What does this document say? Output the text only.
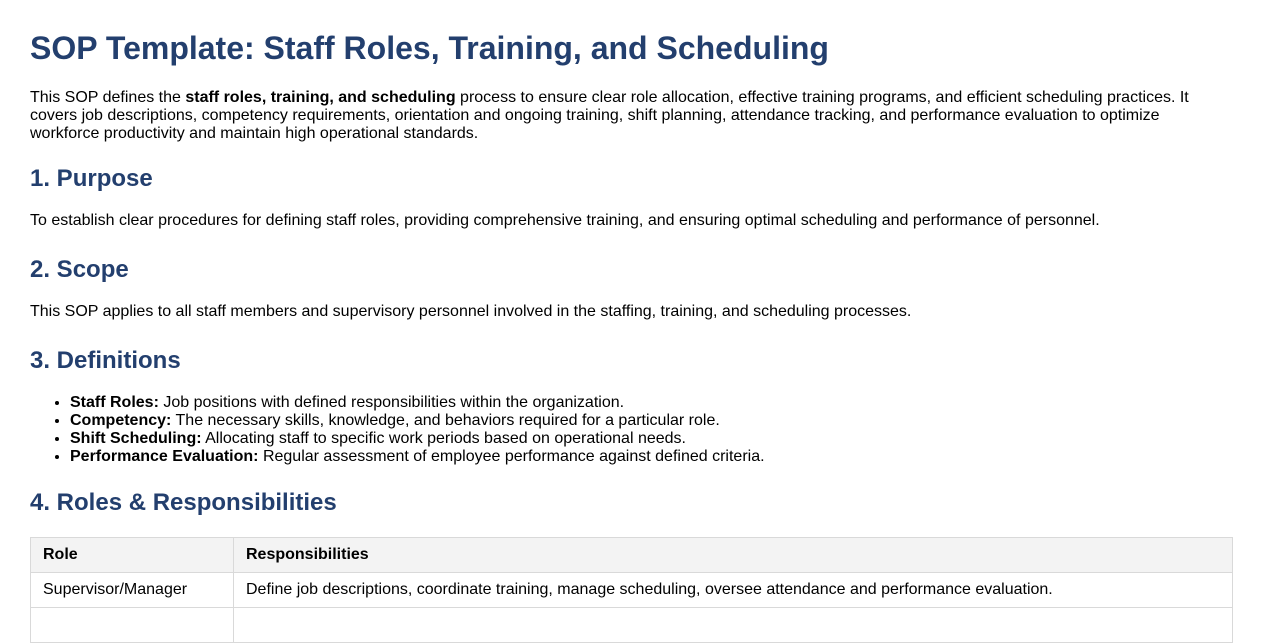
SOP Template: Staff Roles, Training, and Scheduling

This SOP defines the staff roles, training, and scheduling process to ensure clear role allocation, effective training programs, and efficient scheduling practices. It covers job descriptions, competency requirements, orientation and ongoing training, shift planning, attendance tracking, and performance evaluation to optimize workforce productivity and maintain high operational standards.

1. Purpose

To establish clear procedures for defining staff roles, providing comprehensive training, and ensuring optimal scheduling and performance of personnel.

2. Scope

This SOP applies to all staff members and supervisory personnel involved in the staffing, training, and scheduling processes.

3. Definitions
• Staff Roles: Job positions with defined responsibilities within the organization.
• Competency: The necessary skills, knowledge, and behaviors required for a particular role.
• Shift Scheduling: Allocating staff to specific work periods based on operational needs.
• Performance Evaluation: Regular assessment of employee performance against defined criteria.
4. Roles & Responsibilities
Role	Responsibilities
Supervisor/Manager	Define job descriptions, coordinate training, manage scheduling, oversee attendance and performance evaluation.
